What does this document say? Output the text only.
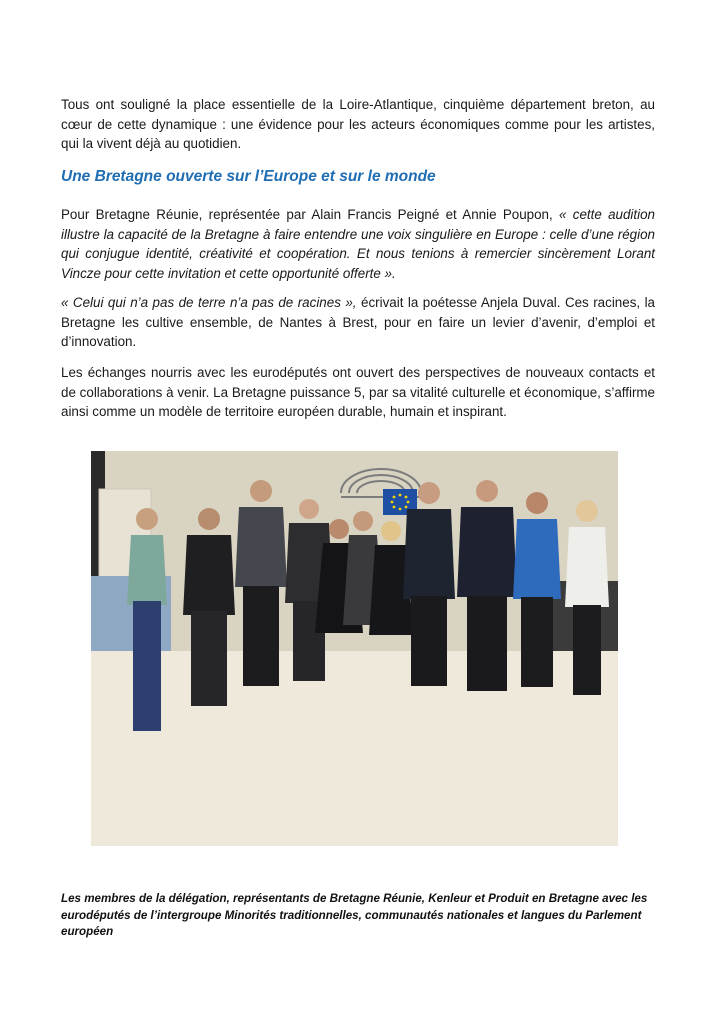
Tous ont souligné la place essentielle de la Loire-Atlantique, cinquième département breton, au cœur de cette dynamique : une évidence pour les acteurs économiques comme pour les artistes, qui la vivent déjà au quotidien.

Une Bretagne ouverte sur l’Europe et sur le monde

Pour Bretagne Réunie, représentée par Alain Francis Peigné et Annie Poupon, « cette audition illustre la capacité de la Bretagne à faire entendre une voix singulière en Europe : celle d’une région qui conjugue identité, créativité et coopération. Et nous tenions à remercier sincèrement Lorant Vincze pour cette invitation et cette opportunité offerte ».

« Celui qui n’a pas de terre n’a pas de racines », écrivait la poétesse Anjela Duval. Ces racines, la Bretagne les cultive ensemble, de Nantes à Brest, pour en faire un levier d’avenir, d’emploi et d’innovation.

Les échanges nourris avec les eurodéputés ont ouvert des perspectives de nouveaux contacts et de collaborations à venir. La Bretagne puissance 5, par sa vitalité culturelle et économique, s’affirme ainsi comme un modèle de territoire européen durable, humain et inspirant.

Les membres de la délégation, représentants de Bretagne Réunie, Kenleur et Produit en Bretagne avec les eurodéputés de l’intergroupe Minorités traditionnelles, communautés nationales et langues du Parlement européen
